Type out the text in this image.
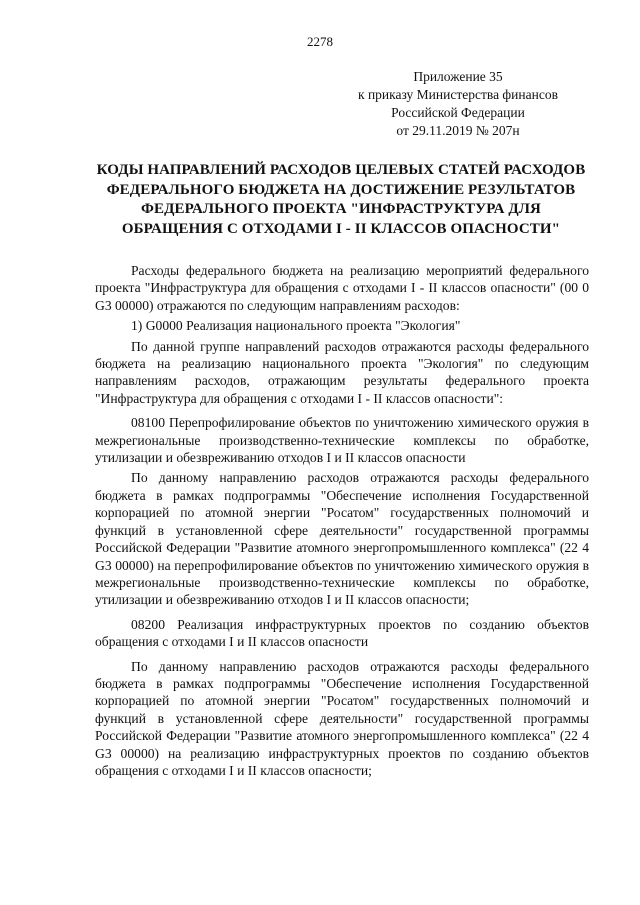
2278
Приложение 35
к приказу Министерства финансов
Российской Федерации
от 29.11.2019 № 207н
КОДЫ НАПРАВЛЕНИЙ РАСХОДОВ ЦЕЛЕВЫХ СТАТЕЙ РАСХОДОВ ФЕДЕРАЛЬНОГО БЮДЖЕТА НА ДОСТИЖЕНИЕ РЕЗУЛЬТАТОВ ФЕДЕРАЛЬНОГО ПРОЕКТА "ИНФРАСТРУКТУРА ДЛЯ ОБРАЩЕНИЯ С ОТХОДАМИ I - II КЛАССОВ ОПАСНОСТИ"

Расходы федерального бюджета на реализацию мероприятий федерального проекта "Инфраструктура для обращения с отходами I - II классов опасности" (00 0 G3 00000) отражаются по следующим направлениям расходов:

1) G0000 Реализация национального проекта "Экология"

По данной группе направлений расходов отражаются расходы федерального бюджета на реализацию национального проекта "Экология" по следующим направлениям расходов, отражающим результаты федерального проекта "Инфраструктура для обращения с отходами I - II классов опасности":

08100 Перепрофилирование объектов по уничтожению химического оружия в межрегиональные производственно-технические комплексы по обработке, утилизации и обезвреживанию отходов I и II классов опасности

По данному направлению расходов отражаются расходы федерального бюджета в рамках подпрограммы "Обеспечение исполнения Государственной корпорацией по атомной энергии "Росатом" государственных полномочий и функций в установленной сфере деятельности" государственной программы Российской Федерации "Развитие атомного энергопромышленного комплекса" (22 4 G3 00000) на перепрофилирование объектов по уничтожению химического оружия в межрегиональные производственно-технические комплексы по обработке, утилизации и обезвреживанию отходов I и II классов опасности;

08200 Реализация инфраструктурных проектов по созданию объектов обращения с отходами I и II классов опасности

По данному направлению расходов отражаются расходы федерального бюджета в рамках подпрограммы "Обеспечение исполнения Государственной корпорацией по атомной энергии "Росатом" государственных полномочий и функций в установленной сфере деятельности" государственной программы Российской Федерации "Развитие атомного энергопромышленного комплекса" (22 4 G3 00000) на реализацию инфраструктурных проектов по созданию объектов обращения с отходами I и II классов опасности;
